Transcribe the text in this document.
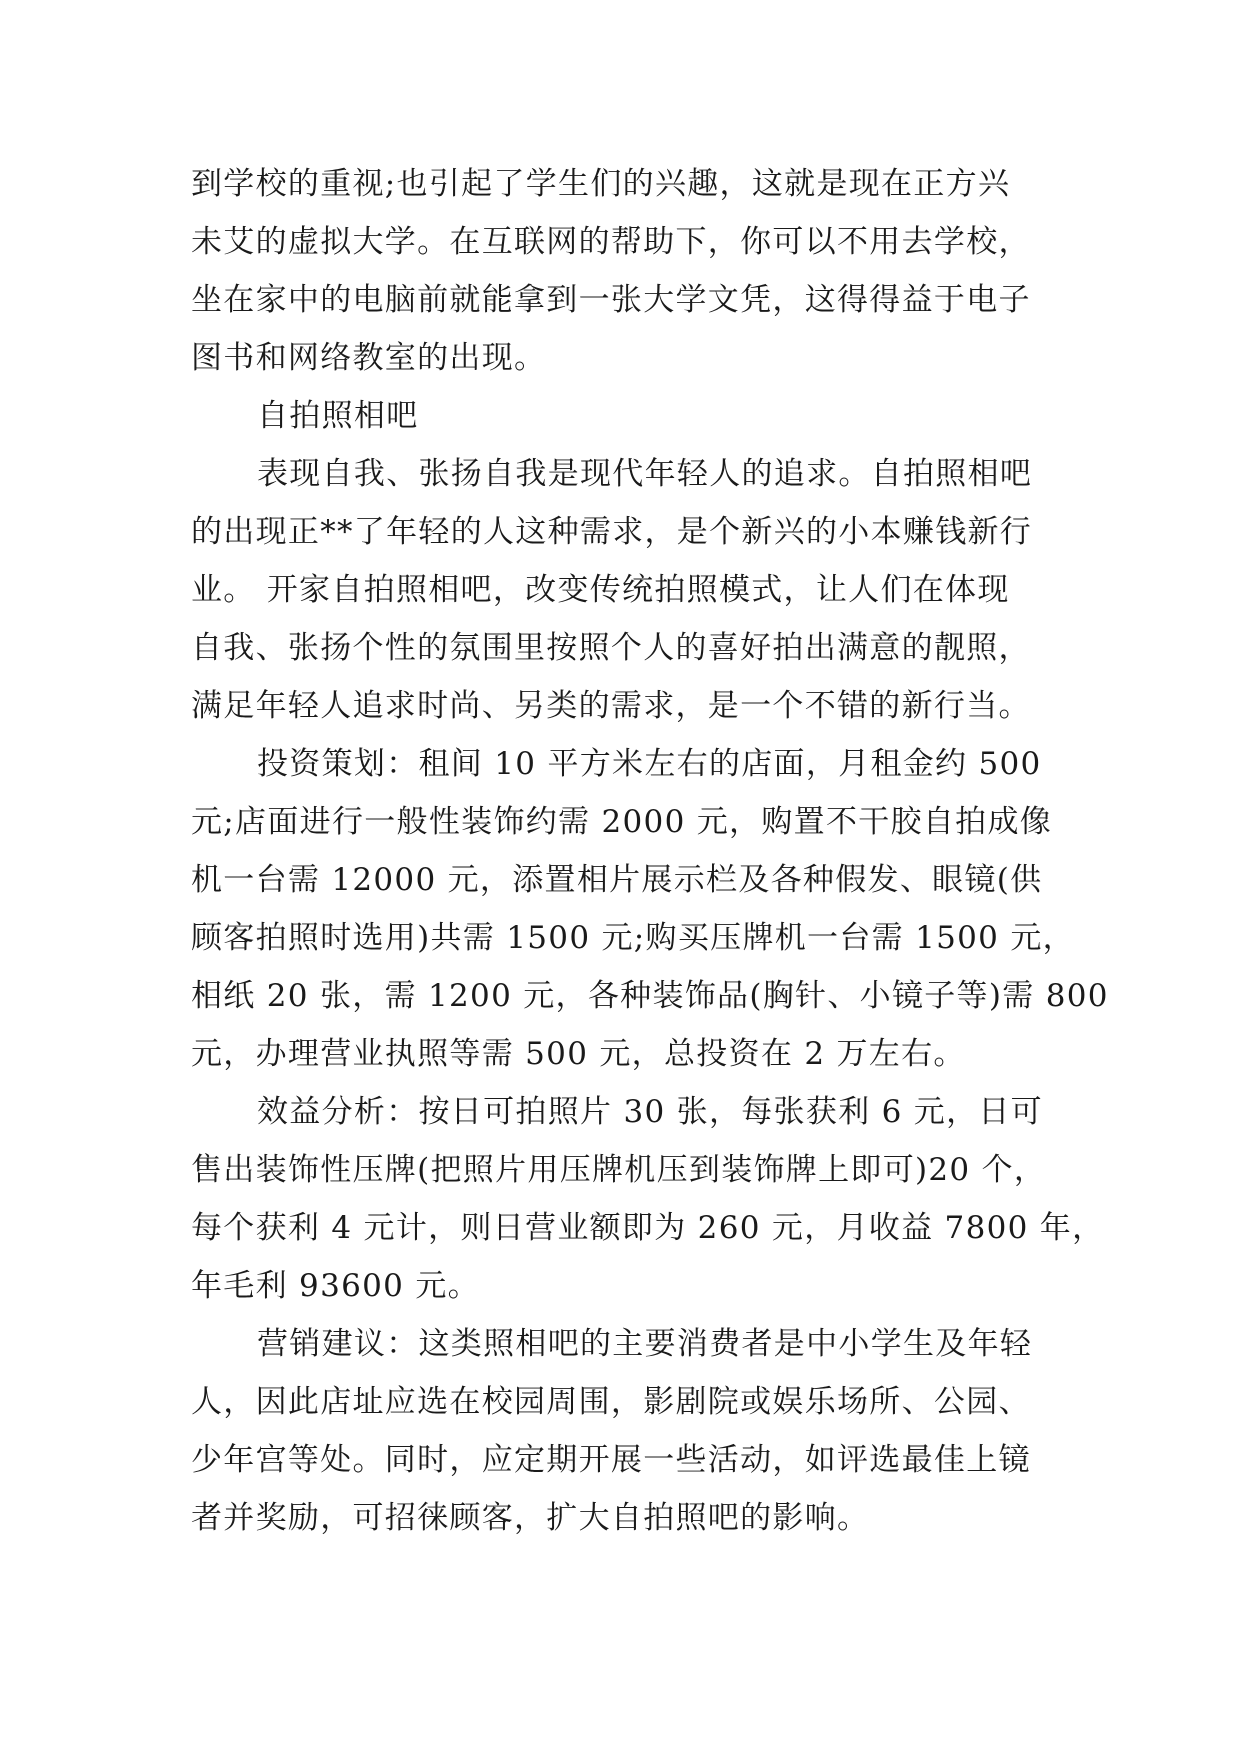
到学校的重视;也引起了学生们的兴趣，这就是现在正方兴
未艾的虚拟大学。在互联网的帮助下，你可以不用去学校，
坐在家中的电脑前就能拿到一张大学文凭，这得得益于电子
图书和网络教室的出现。
自拍照相吧
表现自我、张扬自我是现代年轻人的追求。自拍照相吧
的出现正**了年轻的人这种需求，是个新兴的小本赚钱新行
业。 开家自拍照相吧，改变传统拍照模式，让人们在体现
自我、张扬个性的氛围里按照个人的喜好拍出满意的靓照，
满足年轻人追求时尚、另类的需求，是一个不错的新行当。
投资策划：租间 10 平方米左右的店面，月租金约 500
元;店面进行一般性装饰约需 2000 元，购置不干胶自拍成像
机一台需 12000 元，添置相片展示栏及各种假发、眼镜(供
顾客拍照时选用)共需 1500 元;购买压牌机一台需 1500 元，
相纸 20 张，需 1200 元，各种装饰品(胸针、小镜子等)需 800
元，办理营业执照等需 500 元，总投资在 2 万左右。
效益分析：按日可拍照片 30 张，每张获利 6 元，日可
售出装饰性压牌(把照片用压牌机压到装饰牌上即可)20 个，
每个获利 4 元计，则日营业额即为 260 元，月收益 7800 年，
年毛利 93600 元。
营销建议：这类照相吧的主要消费者是中小学生及年轻
人，因此店址应选在校园周围，影剧院或娱乐场所、公园、
少年宫等处。同时，应定期开展一些活动，如评选最佳上镜
者并奖励，可招徕顾客，扩大自拍照吧的影响。
